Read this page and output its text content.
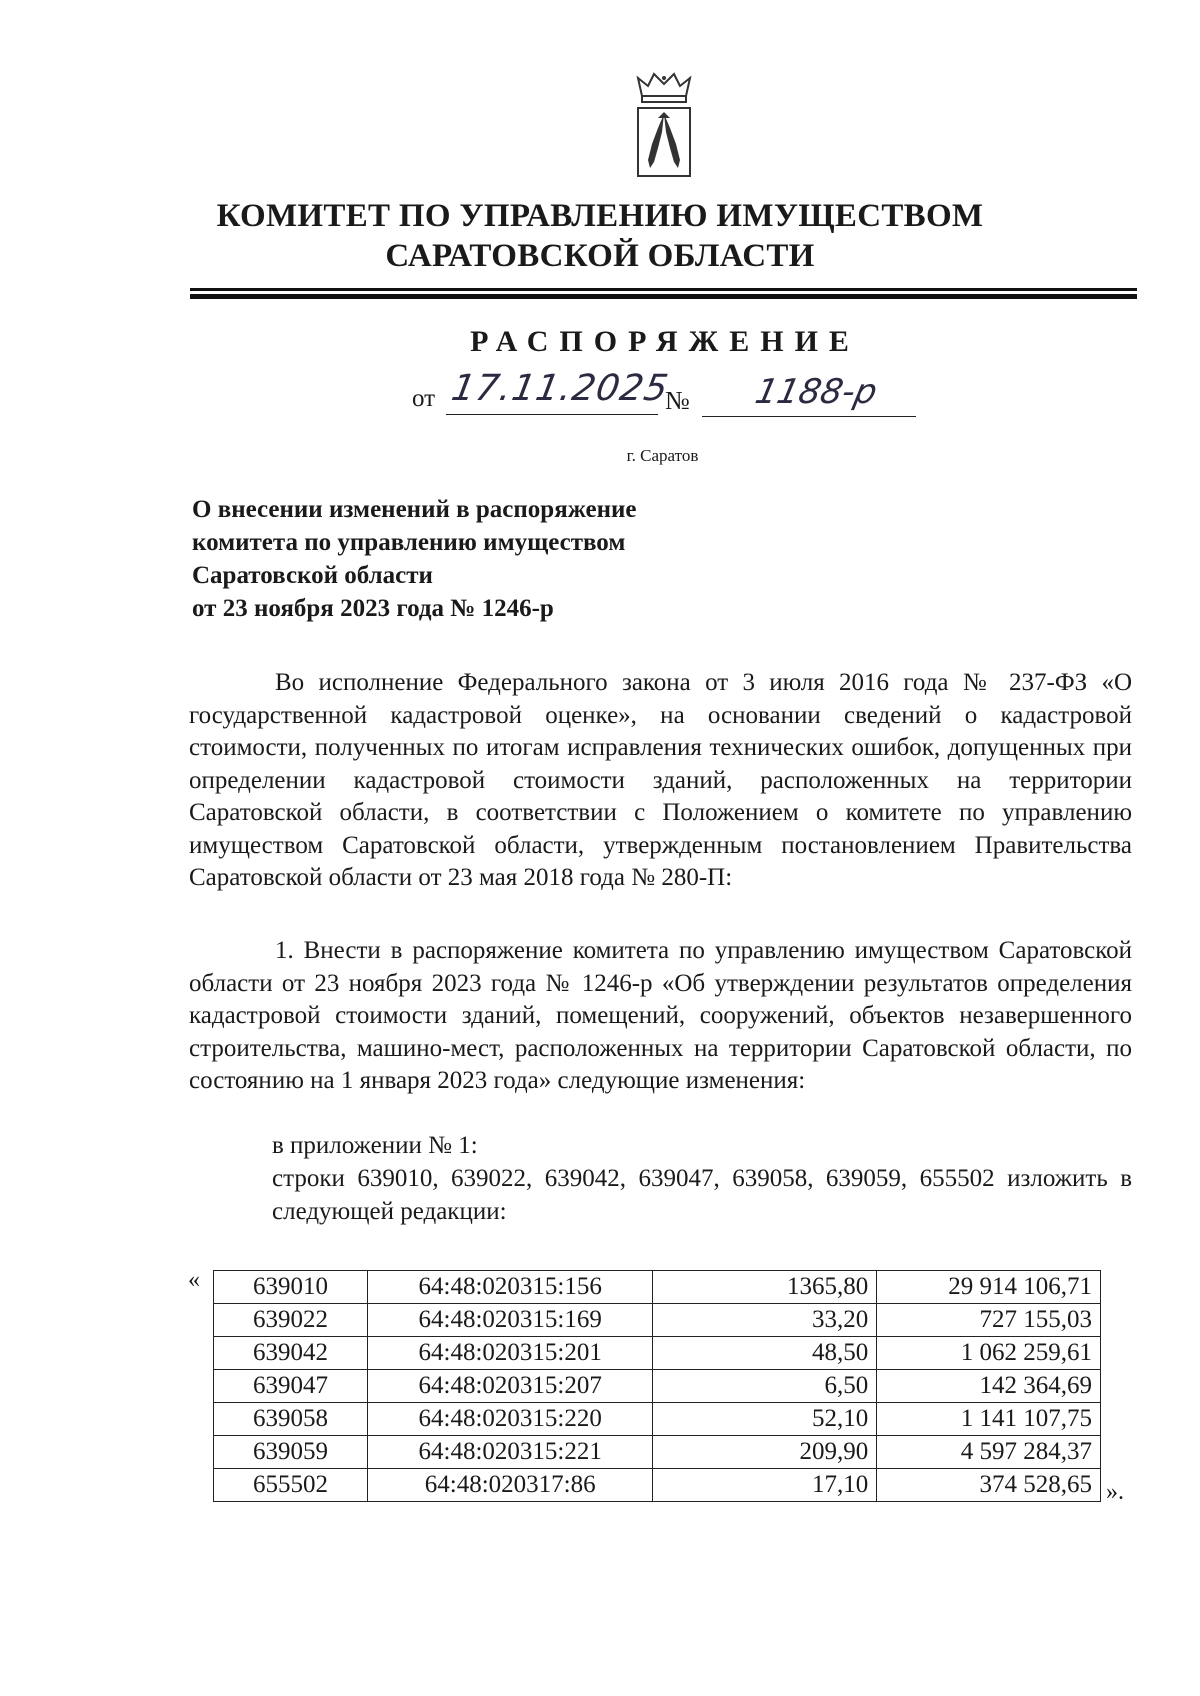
КОМИТЕТ ПО УПРАВЛЕНИЮ ИМУЩЕСТВОМ
САРАТОВСКОЙ ОБЛАСТИ
РАСПОРЯЖЕНИЕ
от 17.11.2025
№ 1188-р
г. Саратов
О внесении изменений в распоряжение
комитета по управлению имуществом
Саратовской области
от 23 ноября 2023 года № 1246-р
Во исполнение Федерального закона от 3 июля 2016 года № 237-ФЗ «О государственной кадастровой оценке», на основании сведений о кадастровой стоимости, полученных по итогам исправления технических ошибок, допущенных при определении кадастровой стоимости зданий, расположенных на территории Саратовской области, в соответствии с Положением о комитете по управлению имуществом Саратовской области, утвержденным постановлением Правительства Саратовской области от 23 мая 2018 года № 280-П:
1. Внести в распоряжение комитета по управлению имуществом Саратовской области от 23 ноября 2023 года № 1246-р «Об утверждении результатов определения кадастровой стоимости зданий, помещений, сооружений, объектов незавершенного строительства, машино-мест, расположенных на территории Саратовской области, по состоянию на 1 января 2023 года» следующие изменения:
в приложении № 1:
строки 639010, 639022, 639042, 639047, 639058, 639059, 655502 изложить в следующей редакции:
« 639010	64:48:020315:156	1365,80	29 914 106,71
639022	64:48:020315:169	33,20	727 155,03
639042	64:48:020315:201	48,50	1 062 259,61
639047	64:48:020315:207	6,50	142 364,69
639058	64:48:020315:220	52,10	1 141 107,75
639059	64:48:020315:221	209,90	4 597 284,37
655502	64:48:020317:86	17,10	374 528,65 ».
